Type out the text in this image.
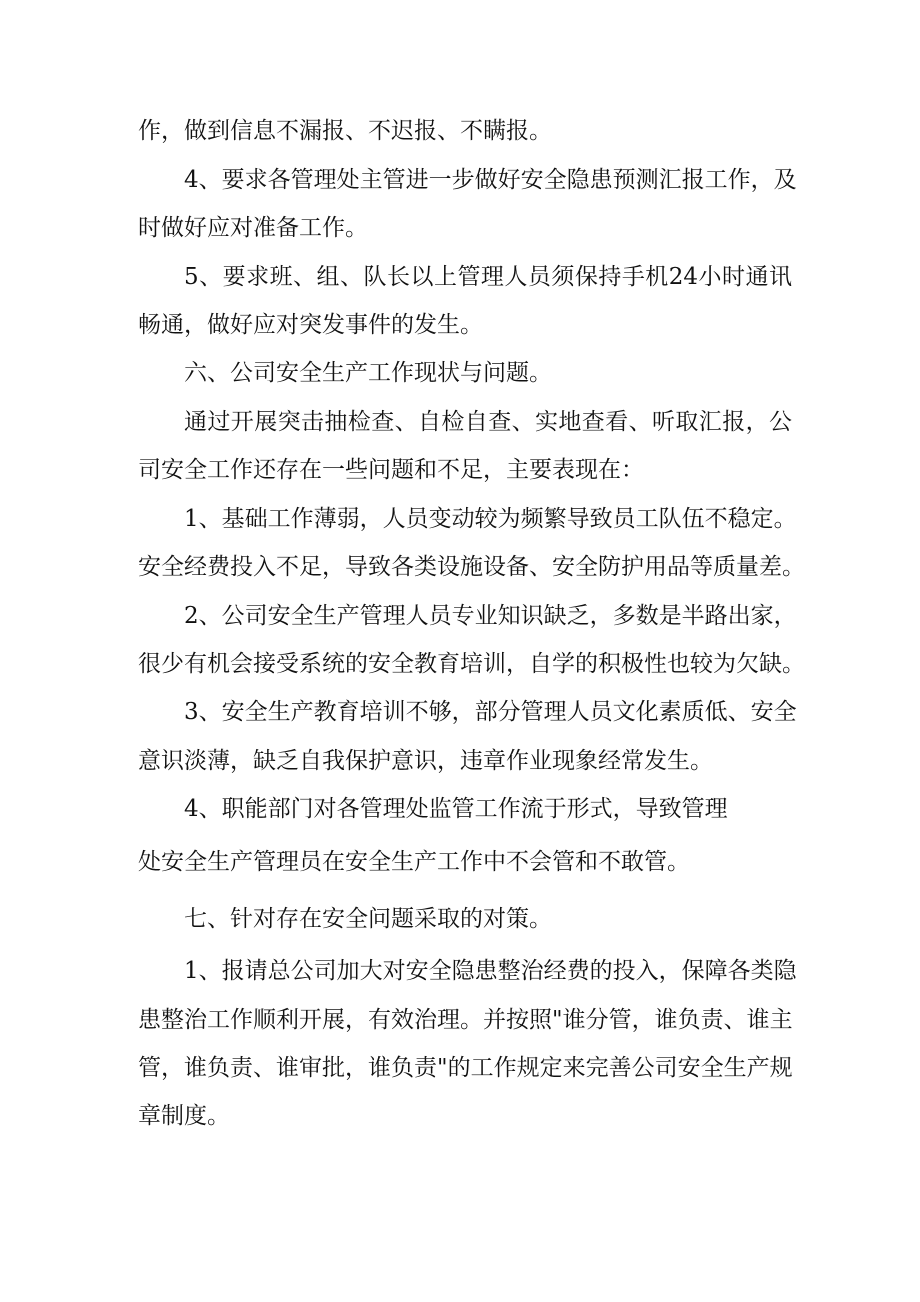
作，做到信息不漏报、不迟报、不瞒报。
4、要求各管理处主管进一步做好安全隐患预测汇报工作，及
时做好应对准备工作。
5、要求班、组、队长以上管理人员须保持手机24小时通讯
畅通，做好应对突发事件的发生。
六、公司安全生产工作现状与问题。
通过开展突击抽检查、自检自查、实地查看、听取汇报，公
司安全工作还存在一些问题和不足，主要表现在：
1、基础工作薄弱，人员变动较为频繁导致员工队伍不稳定。
安全经费投入不足，导致各类设施设备、安全防护用品等质量差。
2、公司安全生产管理人员专业知识缺乏，多数是半路出家，
很少有机会接受系统的安全教育培训，自学的积极性也较为欠缺。
3、安全生产教育培训不够，部分管理人员文化素质低、安全
意识淡薄，缺乏自我保护意识，违章作业现象经常发生。
4、职能部门对各管理处监管工作流于形式，导致管理
处安全生产管理员在安全生产工作中不会管和不敢管。
七、针对存在安全问题采取的对策。
1、报请总公司加大对安全隐患整治经费的投入，保障各类隐
患整治工作顺利开展，有效治理。并按照"谁分管，谁负责、谁主
管，谁负责、谁审批，谁负责"的工作规定来完善公司安全生产规
章制度。
